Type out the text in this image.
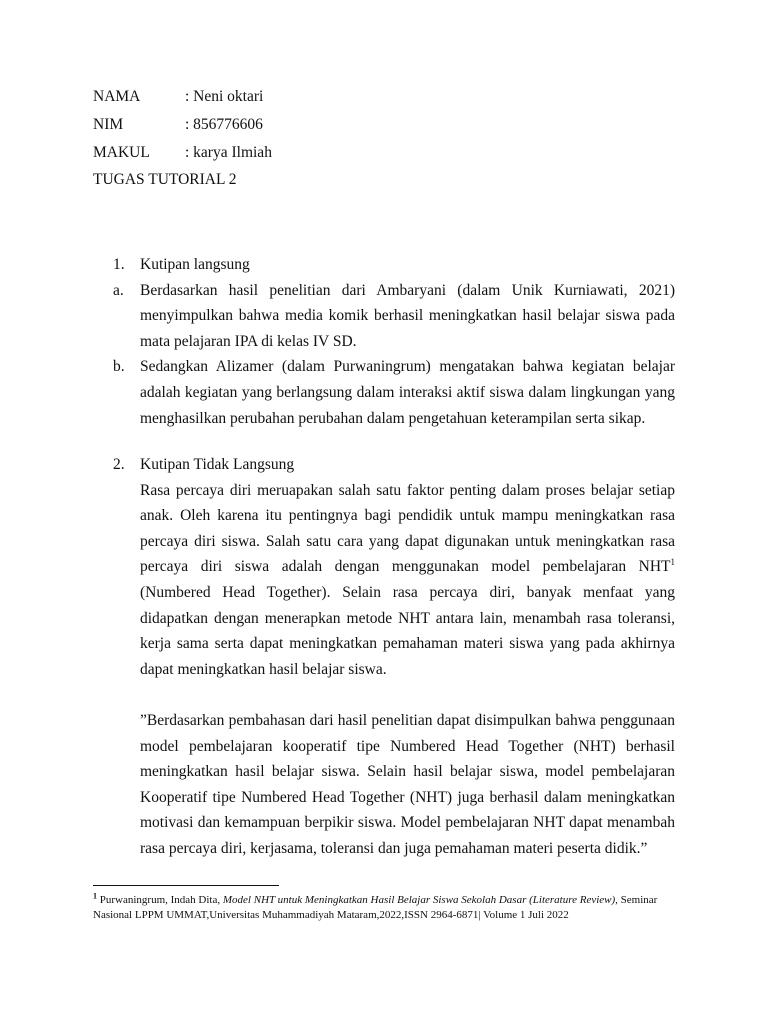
NAMA	: Neni oktari
NIM	: 856776606
MAKUL : karya Ilmiah
TUGAS TUTORIAL 2
1. Kutipan langsung
a. Berdasarkan hasil penelitian dari Ambaryani (dalam Unik Kurniawati, 2021) menyimpulkan bahwa media komik berhasil meningkatkan hasil belajar siswa pada mata pelajaran IPA di kelas IV SD.
b. Sedangkan Alizamer (dalam Purwaningrum) mengatakan bahwa kegiatan belajar adalah kegiatan yang berlangsung dalam interaksi aktif siswa dalam lingkungan yang menghasilkan perubahan perubahan dalam pengetahuan keterampilan serta sikap.
2. Kutipan Tidak Langsung
Rasa percaya diri meruapakan salah satu faktor penting dalam proses belajar setiap anak. Oleh karena itu pentingnya bagi pendidik untuk mampu meningkatkan rasa percaya diri siswa. Salah satu cara yang dapat digunakan untuk meningkatkan rasa percaya diri siswa adalah dengan menggunakan model pembelajaran NHT$^1$ (Numbered Head Together). Selain rasa percaya diri, banyak menfaat yang didapatkan dengan menerapkan metode NHT antara lain, menambah rasa toleransi, kerja sama serta dapat meningkatkan pemahaman materi siswa yang pada akhirnya dapat meningkatkan hasil belajar siswa.
”Berdasarkan pembahasan dari hasil penelitian dapat disimpulkan bahwa penggunaan model pembelajaran kooperatif tipe Numbered Head Together (NHT) berhasil meningkatkan hasil belajar siswa. Selain hasil belajar siswa, model pembelajaran Kooperatif tipe Numbered Head Together (NHT) juga berhasil dalam meningkatkan motivasi dan kemampuan berpikir siswa. Model pembelajaran NHT dapat menambah rasa percaya diri, kerjasama, toleransi dan juga pemahaman materi peserta didik.”
$^1$ Purwaningrum, Indah Dita, Model NHT untuk Meningkatkan Hasil Belajar Siswa Sekolah Dasar (Literature Review), Seminar Nasional LPPM UMMAT,Universitas Muhammadiyah Mataram,2022,ISSN 2964-6871| Volume 1 Juli 2022
